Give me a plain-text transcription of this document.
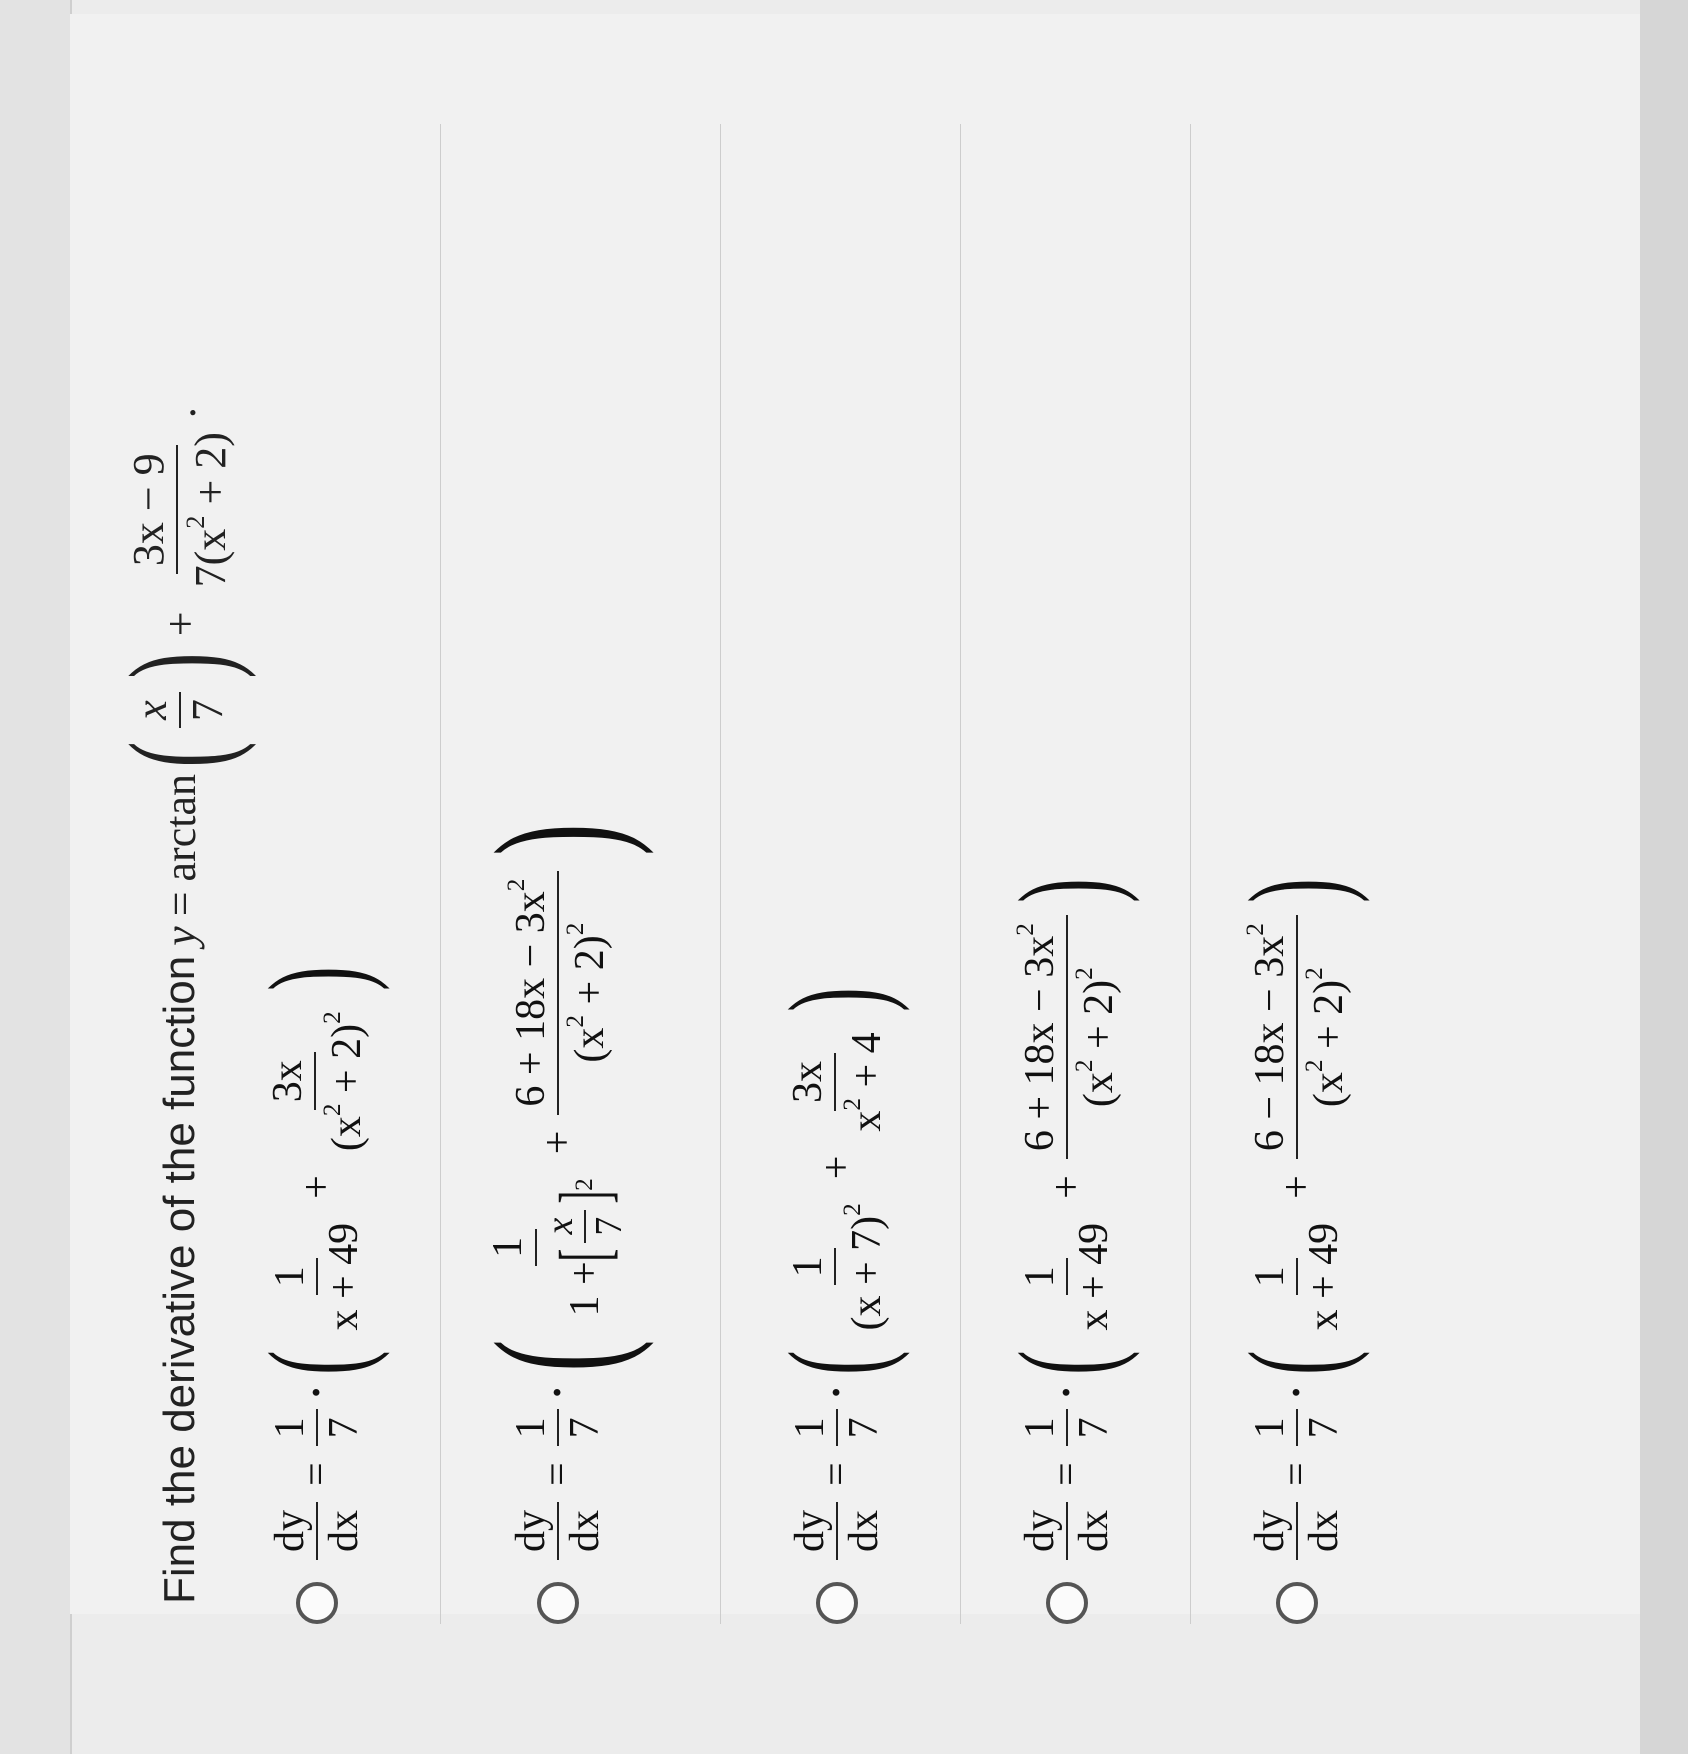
Find the derivative of the function
y
=
arctan
(
x 7
)
+
3x − 9 $7(x^2 + 2)$
.
dy dx
=
1 7
·
(
1 x + 49
+
3x
$(x^2 + 2)^2$
)
dy dx
=
1 7
·
(
1
1 +
[
x 7
]
2
+
$6 + 18x - 3x^2$
$(x^2 + 2)^2$
)
dy dx
=
1 7
·
(
1 $(x + 7)^2$
+
3x
$x^2 + 4$
)
dy dx
=
1 7
·
(
1 x + 49
+
$6 + 18x - 3x^2$
$(x^2 + 2)^2$
)
dy dx
=
1 7
·
(
1 x + 49
+
$6 - 18x - 3x^2$
$(x^2 + 2)^2$
)
